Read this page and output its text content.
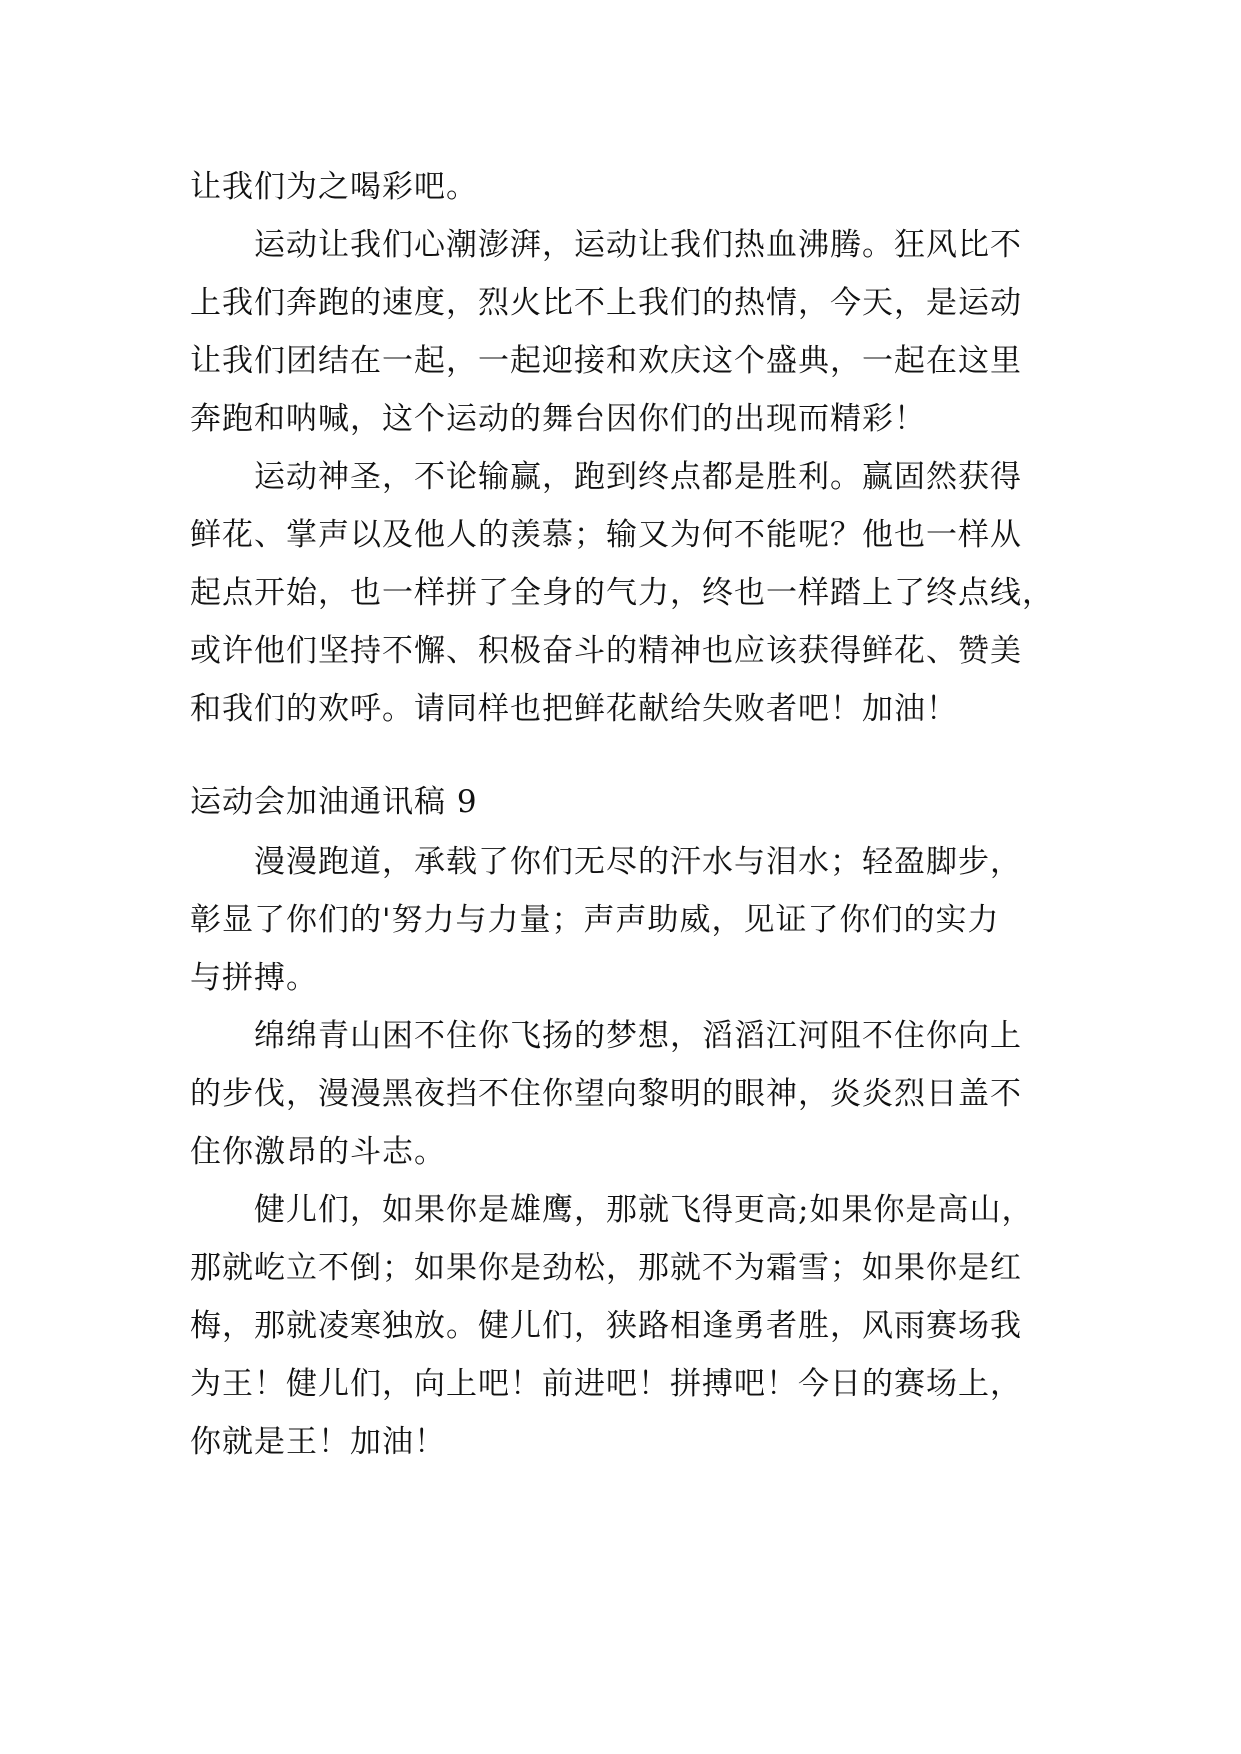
让我们为之喝彩吧。
运动让我们心潮澎湃，运动让我们热血沸腾。狂风比不
上我们奔跑的速度，烈火比不上我们的热情，今天，是运动
让我们团结在一起，一起迎接和欢庆这个盛典，一起在这里
奔跑和呐喊，这个运动的舞台因你们的出现而精彩！
运动神圣，不论输赢，跑到终点都是胜利。赢固然获得
鲜花、掌声以及他人的羡慕；输又为何不能呢？他也一样从
起点开始，也一样拼了全身的气力，终也一样踏上了终点线，
或许他们坚持不懈、积极奋斗的精神也应该获得鲜花、赞美
和我们的欢呼。请同样也把鲜花献给失败者吧！加油！
运动会加油通讯稿 9
漫漫跑道，承载了你们无尽的汗水与泪水；轻盈脚步，
彰显了你们的'努力与力量；声声助威，见证了你们的实力
与拼搏。
绵绵青山困不住你飞扬的梦想，滔滔江河阻不住你向上
的步伐，漫漫黑夜挡不住你望向黎明的眼神，炎炎烈日盖不
住你激昂的斗志。
健儿们，如果你是雄鹰，那就飞得更高;如果你是高山，
那就屹立不倒；如果你是劲松，那就不为霜雪；如果你是红
梅，那就凌寒独放。健儿们，狭路相逢勇者胜，风雨赛场我
为王！健儿们，向上吧！前进吧！拼搏吧！今日的赛场上，
你就是王！加油！
